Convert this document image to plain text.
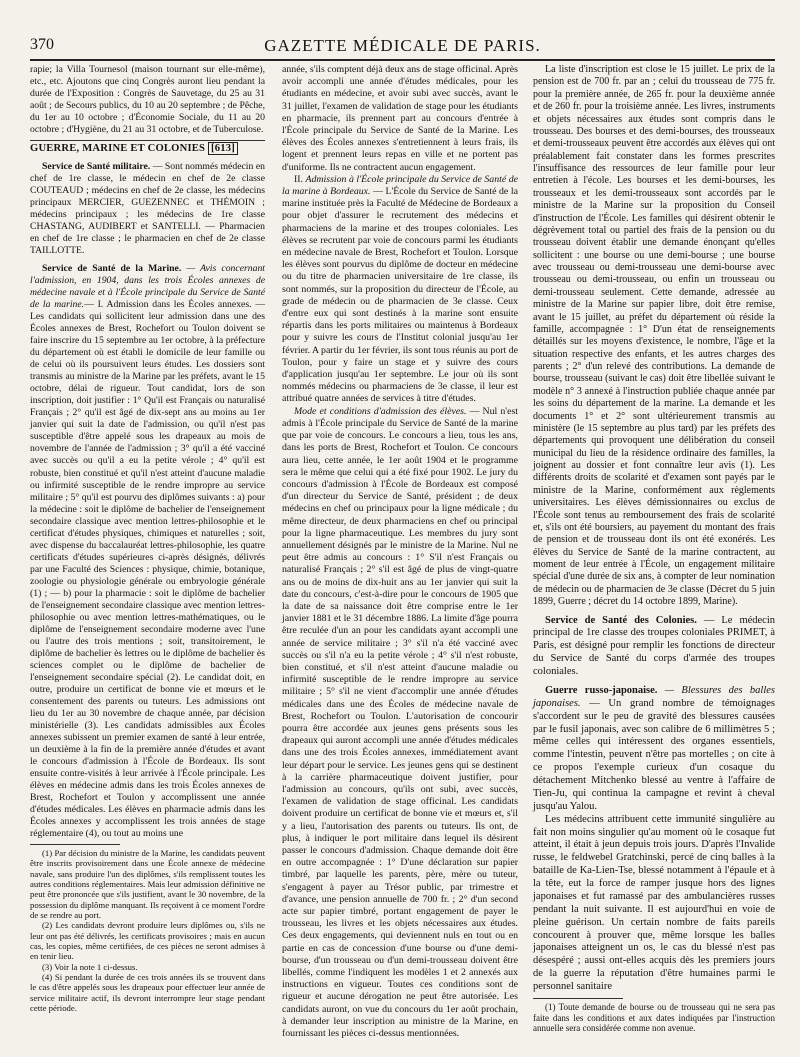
370	GAZETTE MÉDICALE DE PARIS.

rapie; la Villa Tournesol (maison tournant sur elle-même), etc., etc. Ajoutons que cinq Congrès auront lieu pendant la durée de l'Exposition : Congrès de Sauvetage, du 25 au 31 août ; de Secours publics, du 10 au 20 septembre ; de Pêche, du 1er au 10 octobre ; d'Économie Sociale, du 11 au 20 octobre ; d'Hygiène, du 21 au 31 octobre, et de Tuberculose.

GUERRE, MARINE ET COLONIES [613]

Service de Santé militaire. — Sont nommés médecin en chef de 1re classe, le médecin en chef de 2e classe COUTEAUD ; médecins en chef de 2e classe, les médecins principaux MERCIER, GUEZENNEC et THÉMOIN ; médecins principaux ; les médecins de 1re classe CHASTANG, AUDIBERT et SANTELLI. — Pharmacien en chef de 1re classe ; le pharmacien en chef de 2e classe TAILLOTTE.

Service de Santé de la Marine. — Avis concernant l'admission, en 1904, dans les trois Écoles annexes de médecine navale et à l'École principale du Service de Santé de la marine.— I. Admission dans les Écoles annexes. — Les candidats qui sollicitent leur admission dans une des Écoles annexes de Brest, Rochefort ou Toulon doivent se faire inscrire du 15 septembre au 1er octobre, à la préfecture du département où est établi le domicile de leur famille ou de celui où ils poursuivent leurs études. Les dossiers sont transmis au ministre de la Marine par les préfets, avant le 15 octobre, délai de rigueur. Tout candidat, lors de son inscription, doit justifier : 1° Qu'il est Français ou naturalisé Français ; 2° qu'il est âgé de dix-sept ans au moins au 1er janvier qui suit la date de l'admission, ou qu'il n'est pas susceptible d'être appelé sous les drapeaux au mois de novembre de l'année de l'admission ; 3° qu'il a été vacciné avec succès ou qu'il a eu la petite vérole ; 4° qu'il est robuste, bien constitué et qu'il n'est atteint d'aucune maladie ou infirmité susceptible de le rendre impropre au service militaire ; 5° qu'il est pourvu des diplômes suivants : a) pour la médecine : soit le diplôme de bachelier de l'enseignement secondaire classique avec mention lettres-philosophie et le certificat d'études physiques, chimiques et naturelles ; soit, avec dispense du baccalauréat lettres-philosophie, les quatre certificats d'études supérieures ci-après désignés, délivrés par une Faculté des Sciences : physique, chimie, botanique, zoologie ou physiologie générale ou embryologie générale (1) ; — b) pour la pharmacie : soit le diplôme de bachelier de l'enseignement secondaire classique avec mention lettres-philosophie ou avec mention lettres-mathématiques, ou le diplôme de l'enseignement secondaire moderne avec l'une ou l'autre des trois mentions ; soit, transitoirement, le diplôme de bachelier ès lettres ou le diplôme de bachelier ès sciences complet ou le diplôme de bachelier de l'enseignement secondaire spécial (2). Le candidat doit, en outre, produire un certificat de bonne vie et mœurs et le consentement des parents ou tuteurs. Les admissions ont lieu du 1er au 30 novembre de chaque année, par décision ministérielle (3). Les candidats admissibles aux Écoles annexes subissent un premier examen de santé à leur entrée, un deuxième à la fin de la première année d'études et avant le concours d'admission à l'École de Bordeaux. Ils sont ensuite contre-visités à leur arrivée à l'École principale. Les élèves en médecine admis dans les trois Écoles annexes de Brest, Rochefort et Toulon y accomplissent une année d'études médicales. Les élèves en pharmacie admis dans les Écoles annexes y accomplissent les trois années de stage réglementaire (4), ou tout au moins une

(1) Par décision du ministre de la Marine, les candidats peuvent être inscrits provisoirement dans une École annexe de médecine navale, sans produire l'un des diplômes, s'ils remplissent toutes les autres conditions réglementaires. Mais leur admission définitive ne peut être prononcée que s'ils justifient, avant le 30 novembre, de la possession du diplôme manquant. Ils reçoivent à ce moment l'ordre de se rendre au port.

(2) Les candidats devront produire leurs diplômes ou, s'ils ne leur ont pas été délivrés, les certificats provisoires ; mais en aucun cas, les copies, même certifiées, de ces pièces ne seront admises à en tenir lieu.

(3) Voir la note 1 ci-dessus.

(4) Si pendant la durée de ces trois années ils se trouvent dans le cas d'être appelés sous les drapeaux pour effectuer leur année de service militaire actif, ils devront interrompre leur stage pendant cette période.

année, s'ils comptent déjà deux ans de stage officinal. Après avoir accompli une année d'études médicales, pour les étudiants en médecine, et avoir subi avec succès, avant le 31 juillet, l'examen de validation de stage pour les étudiants en pharmacie, ils prennent part au concours d'entrée à l'École principale du Service de Santé de la Marine. Les élèves des Écoles annexes s'entretiennent à leurs frais, ils logent et prennent leurs repas en ville et ne portent pas d'uniforme. Ils ne contractent aucun engagement.

II. Admission à l'École principale du Service de Santé de la marine à Bordeaux. — L'École du Service de Santé de la marine instituée près la Faculté de Médecine de Bordeaux a pour objet d'assurer le recrutement des médecins et pharmaciens de la marine et des troupes coloniales. Les élèves se recrutent par voie de concours parmi les étudiants en médecine navale de Brest, Rochefort et Toulon. Lorsque les élèves sont pourvus du diplôme de docteur en médecine ou du titre de pharmacien universitaire de 1re classe, ils sont nommés, sur la proposition du directeur de l'École, au grade de médecin ou de pharmacien de 3e classe. Ceux d'entre eux qui sont destinés à la marine sont ensuite répartis dans les ports militaires ou maintenus à Bordeaux pour y suivre les cours de l'Institut colonial jusqu'au 1er février. A partir du 1er février, ils sont tous réunis au port de Toulon, pour y faire un stage et y suivre des cours d'application jusqu'au 1er septembre. Le jour où ils sont nommés médecins ou pharmaciens de 3e classe, il leur est attribué quatre années de services à titre d'études.

Mode et conditions d'admission des élèves. — Nul n'est admis à l'École principale du Service de Santé de la marine que par voie de concours. Le concours a lieu, tous les ans, dans les ports de Brest, Rochefort et Toulon. Ce concours aura lieu, cette année, le 1er août 1904 et le programme sera le même que celui qui a été fixé pour 1902. Le jury du concours d'admission à l'École de Bordeaux est composé d'un directeur du Service de Santé, président ; de deux médecins en chef ou principaux pour la ligne médicale ; du même directeur, de deux pharmaciens en chef ou principal pour la ligne pharmaceutique. Les membres du jury sont annuellement désignés par le ministre de la Marine. Nul ne peut être admis au concours : 1° S'il n'est Français ou naturalisé Français ; 2° s'il est âgé de plus de vingt-quatre ans ou de moins de dix-huit ans au 1er janvier qui suit la date du concours, c'est-à-dire pour le concours de 1905 que la date de sa naissance doit être comprise entre le 1er janvier 1881 et le 31 décembre 1886. La limite d'âge pourra être reculée d'un an pour les candidats ayant accompli une année de service militaire ; 3° s'il n'a été vacciné avec succès ou s'il n'a eu la petite vérole ; 4° s'il n'est robuste, bien constitué, et s'il n'est atteint d'aucune maladie ou infirmité susceptible de le rendre impropre au service militaire ; 5° s'il ne vient d'accomplir une année d'études médicales dans une des Écoles de médecine navale de Brest, Rochefort ou Toulon. L'autorisation de concourir pourra être accordée aux jeunes gens présents sous les drapeaux qui auront accompli une année d'études médicales dans une des trois Écoles annexes, immédiatement avant leur départ pour le service. Les jeunes gens qui se destinent à la carrière pharmaceutique doivent justifier, pour l'admission au concours, qu'ils ont subi, avec succès, l'examen de validation de stage officinal. Les candidats doivent produire un certificat de bonne vie et mœurs et, s'il y a lieu, l'autorisation des parents ou tuteurs. Ils ont, de plus, à indiquer le port militaire dans lequel ils désirent passer le concours d'admission. Chaque demande doit être en outre accompagnée : 1° D'une déclaration sur papier timbré, par laquelle les parents, père, mère ou tuteur, s'engagent à payer au Trésor public, par trimestre et d'avance, une pension annuelle de 700 fr. ; 2° d'un second acte sur papier timbré, portant engagement de payer le trousseau, les livres et les objets nécessaires aux études. Ces deux engagements, qui deviennent nuls en tout ou en partie en cas de concession d'une bourse ou d'une demi-bourse, d'un trousseau ou d'un demi-trousseau doivent être libellés, comme l'indiquent les modèles 1 et 2 annexés aux instructions en vigueur. Toutes ces conditions sont de rigueur et aucune dérogation ne peut être autorisée. Les candidats auront, on vue du concours du 1er août prochain, à demander leur inscription au ministre de la Marine, en fournissant les pièces ci-dessus mentionnées.

La liste d'inscription est close le 15 juillet. Le prix de la pension est de 700 fr. par an ; celui du trousseau de 775 fr. pour la première année, de 265 fr. pour la deuxième année et de 260 fr. pour la troisième année. Les livres, instruments et objets nécessaires aux études sont compris dans le trousseau. Des bourses et des demi-bourses, des trousseaux et demi-trousseaux peuvent être accordés aux élèves qui ont préalablement fait constater dans les formes prescrites l'insuffisance des ressources de leur famille pour leur entretien à l'école. Les bourses et les demi-bourses, les trousseaux et les demi-trousseaux sont accordés par le ministre de la Marine sur la proposition du Conseil d'instruction de l'École. Les familles qui désirent obtenir le dégrèvement total ou partiel des frais de la pension ou du trousseau doivent établir une demande énonçant qu'elles sollicitent : une bourse ou une demi-bourse ; une bourse avec trousseau ou demi-trousseau une demi-bourse avec trousseau ou demi-trousseau, ou enfin un trousseau ou demi-trousseau seulement. Cette demande, adressée au ministre de la Marine sur papier libre, doit être remise, avant le 15 juillet, au préfet du département où réside la famille, accompagnée : 1° D'un état de renseignements détaillés sur les moyens d'existence, le nombre, l'âge et la situation respective des enfants, et les autres charges des parents ; 2° d'un relevé des contributions. La demande de bourse, trousseau (suivant le cas) doit être libellée suivant le modèle n° 3 annexé à l'instruction publiée chaque année par les soins du département de la marine. La demande et les documents 1° et 2° sont ultérieurement transmis au ministère (le 15 septembre au plus tard) par les préfets des départements qui provoquent une délibération du conseil municipal du lieu de la résidence ordinaire des familles, la joignent au dossier et font connaître leur avis (1). Les différents droits de scolarité et d'examen sont payés par le ministre de la Marine, conformément aux règlements universitaires. Les élèves démissionnaires ou exclus de l'École sont tenus au remboursement des frais de scolarité et, s'ils ont été boursiers, au payement du montant des frais de pension et de trousseau dont ils ont été exonérés. Les élèves du Service de Santé de la marine contractent, au moment de leur entrée à l'École, un engagement militaire spécial d'une durée de six ans, à compter de leur nomination de médecin ou de pharmacien de 3e classe (Décret du 5 juin 1899, Guerre ; décret du 14 octobre 1899, Marine).

Service de Santé des Colonies. — Le médecin principal de 1re classe des troupes coloniales PRIMET, à Paris, est désigné pour remplir les fonctions de directeur du Service de Santé du corps d'armée des troupes coloniales.

Guerre russo-japonaise. — Blessures des balles japonaises. — Un grand nombre de témoignages s'accordent sur le peu de gravité des blessures causées par le fusil japonais, avec son calibre de 6 millimètres 5 ; même celles qui intéressent des organes essentiels, comme l'intestin, peuvent n'être pas mortelles ; on cite à ce propos l'exemple curieux d'un cosaque du détachement Mitchenko blessé au ventre à l'affaire de Tien-Ju, qui continua la campagne et revint à cheval jusqu'au Yalou.

Les médecins attribuent cette immunité singulière au fait non moins singulier qu'au moment où le cosaque fut atteint, il était à jeun depuis trois jours. D'après l'Invalide russe, le feldwebel Gratchinski, percé de cinq balles à la bataille de Ka-Lien-Tse, blessé notamment à l'épaule et à la tête, eut la force de ramper jusque hors des lignes japonaises et fut ramassé par des ambulancières russes pendant la nuit suivante. Il est aujourd'hui en voie de pleine guérison. Un certain nombre de faits pareils concourent à prouver que, même lorsque les balles japonaises atteignent un os, le cas du blessé n'est pas désespéré ; aussi ont-elles acquis dès les premiers jours de la guerre la réputation d'être humaines parmi le personnel sanitaire

(1) Toute demande de bourse ou de trousseau qui ne sera pas faite dans les conditions et aux dates indiquées par l'instruction annuelle sera considérée comme non avenue.
